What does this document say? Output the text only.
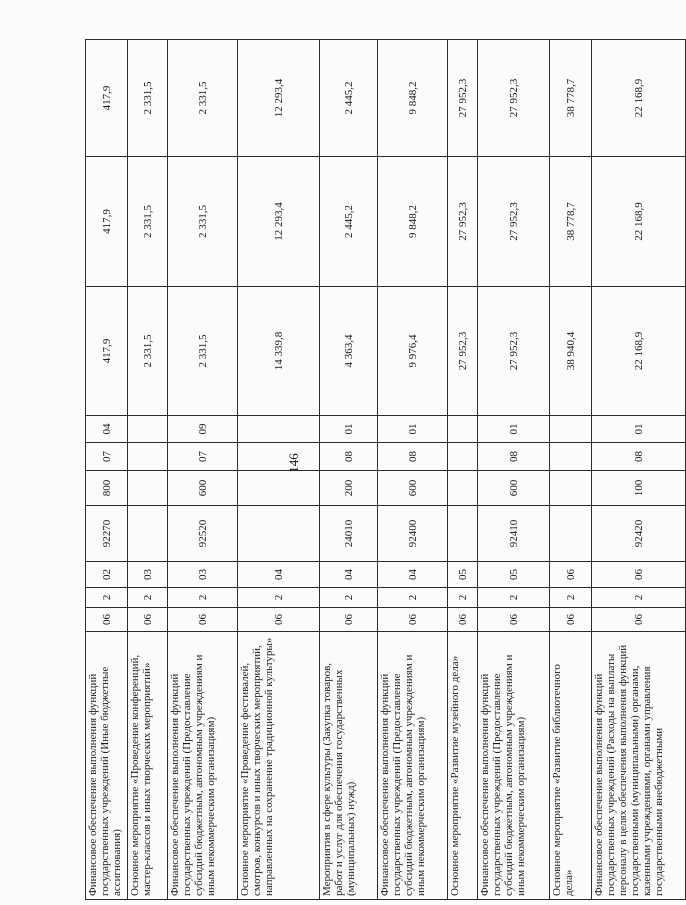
146
Финансовое обеспечение выполнения функций государственных учреждений (Иные бюджетные ассигнования)	06	2	02	92270	800	07	04	417,9	417,9	417,9
Основное мероприятие «Проведение конференций, мастер-классов и иных творческих мероприятий»	06	2	03					2 331,5	2 331,5	2 331,5
Финансовое обеспечение выполнения функций государственных учреждений (Предоставление субсидий бюджетным, автономным учреждениям и иным некоммерческим организациям)	06	2	03	92520	600	07	09	2 331,5	2 331,5	2 331,5
Основное мероприятие «Проведение фестивалей, смотров, конкурсов и иных творческих мероприятий, направленных на сохранение традиционной культуры»	06	2	04					14 339,8	12 293,4	12 293,4
Мероприятия в сфере культуры (Закупка товаров, работ и услуг для обеспечения государственных (муниципальных) нужд)	06	2	04	24010	200	08	01	4 363,4	2 445,2	2 445,2
Финансовое обеспечение выполнения функций государственных учреждений (Предоставление субсидий бюджетным, автономным учреждениям и иным некоммерческим организациям)	06	2	04	92400	600	08	01	9 976,4	9 848,2	9 848,2
Основное мероприятие «Развитие музейного дела»	06	2	05					27 952,3	27 952,3	27 952,3
Финансовое обеспечение выполнения функций государственных учреждений (Предоставление субсидий бюджетным, автономным учреждениям и иным некоммерческим организациям)	06	2	05	92410	600	08	01	27 952,3	27 952,3	27 952,3
Основное мероприятие «Развитие библиотечного дела»	06	2	06					38 940,4	38 778,7	38 778,7
Финансовое обеспечение выполнения функций государственных учреждений (Расходы на выплаты персоналу в целях обеспечения выполнения функций государственными (муниципальными) органами, казенными учреждениями, органами управления государственными внебюджетными	06	2	06	92420	100	08	01	22 168,9	22 168,9	22 168,9
